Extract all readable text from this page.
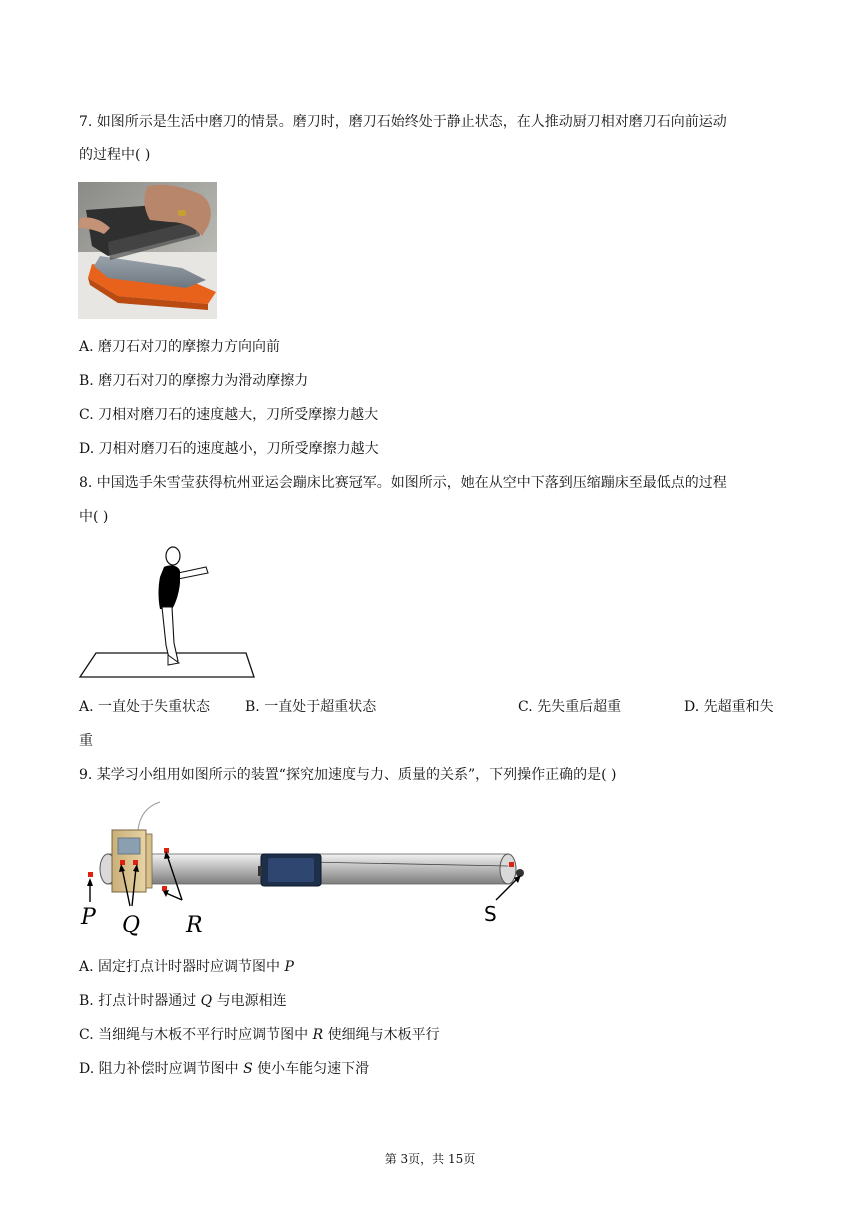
7. 如图所示是生活中磨刀的情景。磨刀时，磨刀石始终处于静止状态，在人推动厨刀相对磨刀石向前运动
的过程中( )
A. 磨刀石对刀的摩擦力方向向前
B. 磨刀石对刀的摩擦力为滑动摩擦力
C. 刀相对磨刀石的速度越大，刀所受摩擦力越大
D. 刀相对磨刀石的速度越小，刀所受摩擦力越大
8. 中国选手朱雪莹获得杭州亚运会蹦床比赛冠军。如图所示，她在从空中下落到压缩蹦床至最低点的过程
中( )
A. 一直处于失重状态 B. 一直处于超重状态	C. 先失重后超重	D. 先超重和失
重
9. 某学习小组用如图所示的装置“探究加速度与力、质量的关系”，下列操作正确的是( )
P Q R	S
A. 固定打点计时器时应调节图中 P
B. 打点计时器通过 Q 与电源相连
C. 当细绳与木板不平行时应调节图中 R 使细绳与木板平行
D. 阻力补偿时应调节图中 S 使小车能匀速下滑
第 3页，共 15页
